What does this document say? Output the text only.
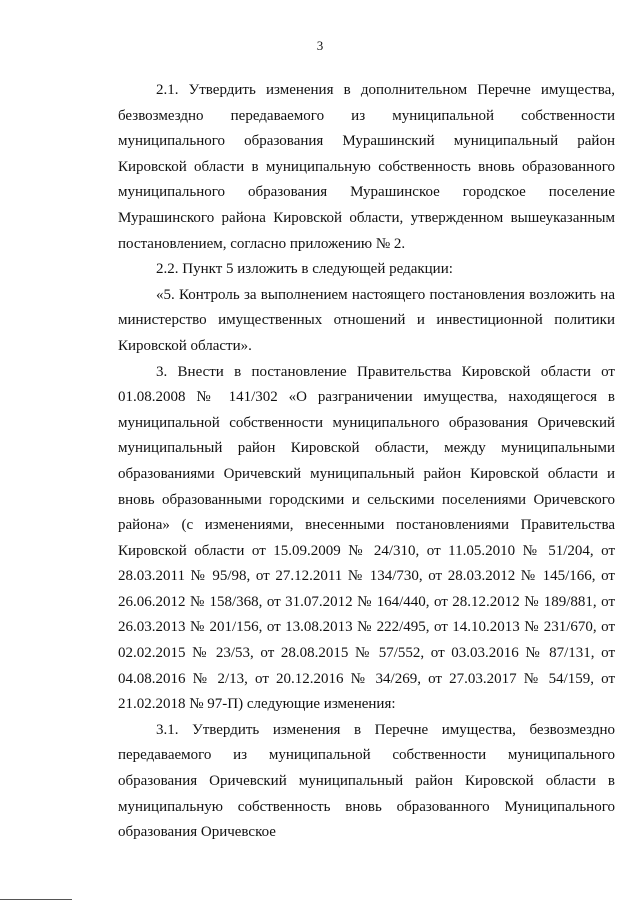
3

2.1. Утвердить изменения в дополнительном Перечне имущества, безвозмездно передаваемого из муниципальной собственности муниципального образования Мурашинский муниципальный район Кировской области в муниципальную собственность вновь образованного муниципального образования Мурашинское городское поселение Мурашинского района Кировской области, утвержденном вышеуказанным постановлением, согласно приложению № 2.

2.2. Пункт 5 изложить в следующей редакции:

«5. Контроль за выполнением настоящего постановления возложить на министерство имущественных отношений и инвестиционной политики Кировской области».

3. Внести в постановление Правительства Кировской области от 01.08.2008 № 141/302 «О разграничении имущества, находящегося в муниципальной собственности муниципального образования Оричевский муниципальный район Кировской области, между муниципальными образованиями Оричевский муниципальный район Кировской области и вновь образованными городскими и сельскими поселениями Оричевского района» (с изменениями, внесенными постановлениями Правительства Кировской области от 15.09.2009 № 24/310, от 11.05.2010 № 51/204, от 28.03.2011 № 95/98, от 27.12.2011 № 134/730, от 28.03.2012 № 145/166, от 26.06.2012 № 158/368, от 31.07.2012 № 164/440, от 28.12.2012 № 189/881, от 26.03.2013 № 201/156, от 13.08.2013 № 222/495, от 14.10.2013 № 231/670, от 02.02.2015 № 23/53, от 28.08.2015 № 57/552, от 03.03.2016 № 87/131, от 04.08.2016 № 2/13, от 20.12.2016 № 34/269, от 27.03.2017 № 54/159, от 21.02.2018 № 97-П) следующие изменения:

3.1. Утвердить изменения в Перечне имущества, безвозмездно передаваемого из муниципальной собственности муниципального образования Оричевский муниципальный район Кировской области в муниципальную собственность вновь образованного Муниципального образования Оричевское
